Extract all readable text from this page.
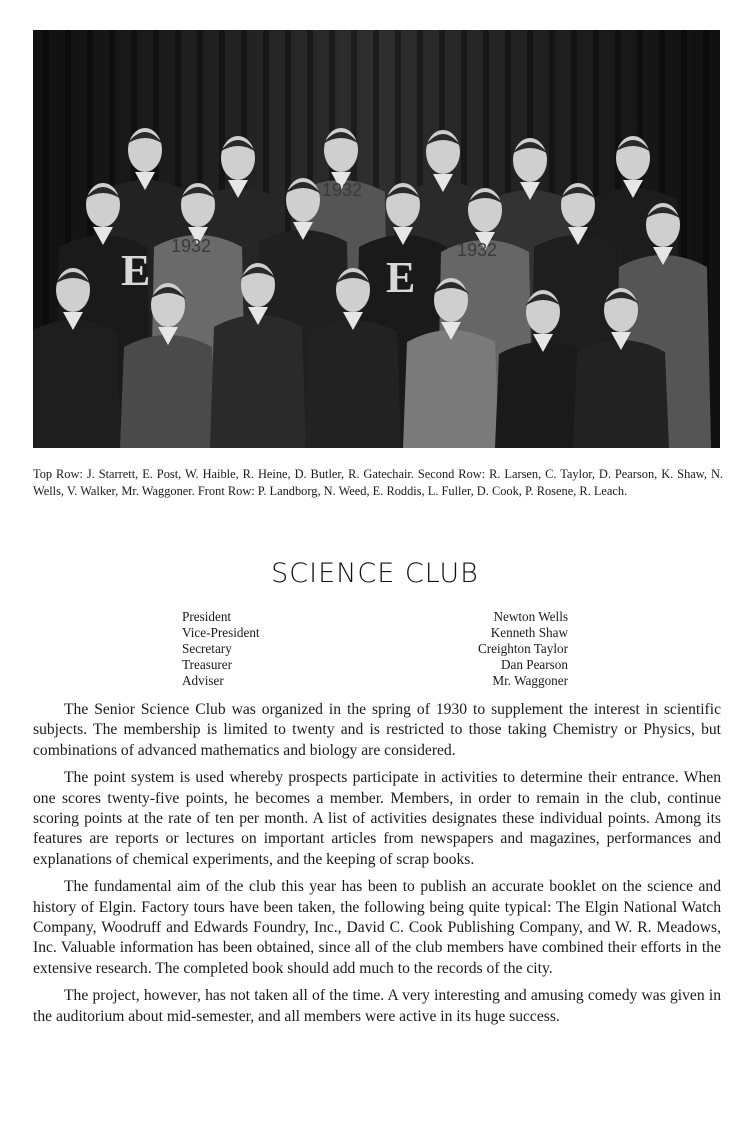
E	E
1932
1932	1932
Top Row: J. Starrett, E. Post, W. Haible, R. Heine, D. Butler, R. Gatechair. Second Row: R. Larsen, C. Taylor, D. Pearson, K. Shaw, N. Wells, V. Walker, Mr. Waggoner. Front Row: P. Landborg, N. Weed, E. Roddis, L. Fuller, D. Cook, P. Rosene, R. Leach.
SCIENCE CLUB
President	Newton Wells
Vice-President	Kenneth Shaw
Secretary	Creighton Taylor
Treasurer	Dan Pearson
Adviser	Mr. Waggoner

The Senior Science Club was organized in the spring of 1930 to supplement the interest in scientific subjects. The membership is limited to twenty and is restricted to those taking Chemistry or Physics, but combinations of advanced mathematics and biology are considered.

The point system is used whereby prospects participate in activities to determine their entrance. When one scores twenty-five points, he becomes a member. Members, in order to remain in the club, continue scoring points at the rate of ten per month. A list of activities designates these individual points. Among its features are reports or lectures on important articles from newspapers and magazines, performances and explanations of chemical experiments, and the keeping of scrap books.

The fundamental aim of the club this year has been to publish an accurate booklet on the science and history of Elgin. Factory tours have been taken, the following being quite typical: The Elgin National Watch Company, Woodruff and Edwards Foundry, Inc., David C. Cook Publishing Company, and W. R. Meadows, Inc. Valuable information has been obtained, since all of the club members have combined their efforts in the extensive research. The completed book should add much to the records of the city.

The project, however, has not taken all of the time. A very interesting and amusing comedy was given in the auditorium about mid-semester, and all members were active in its huge success.
